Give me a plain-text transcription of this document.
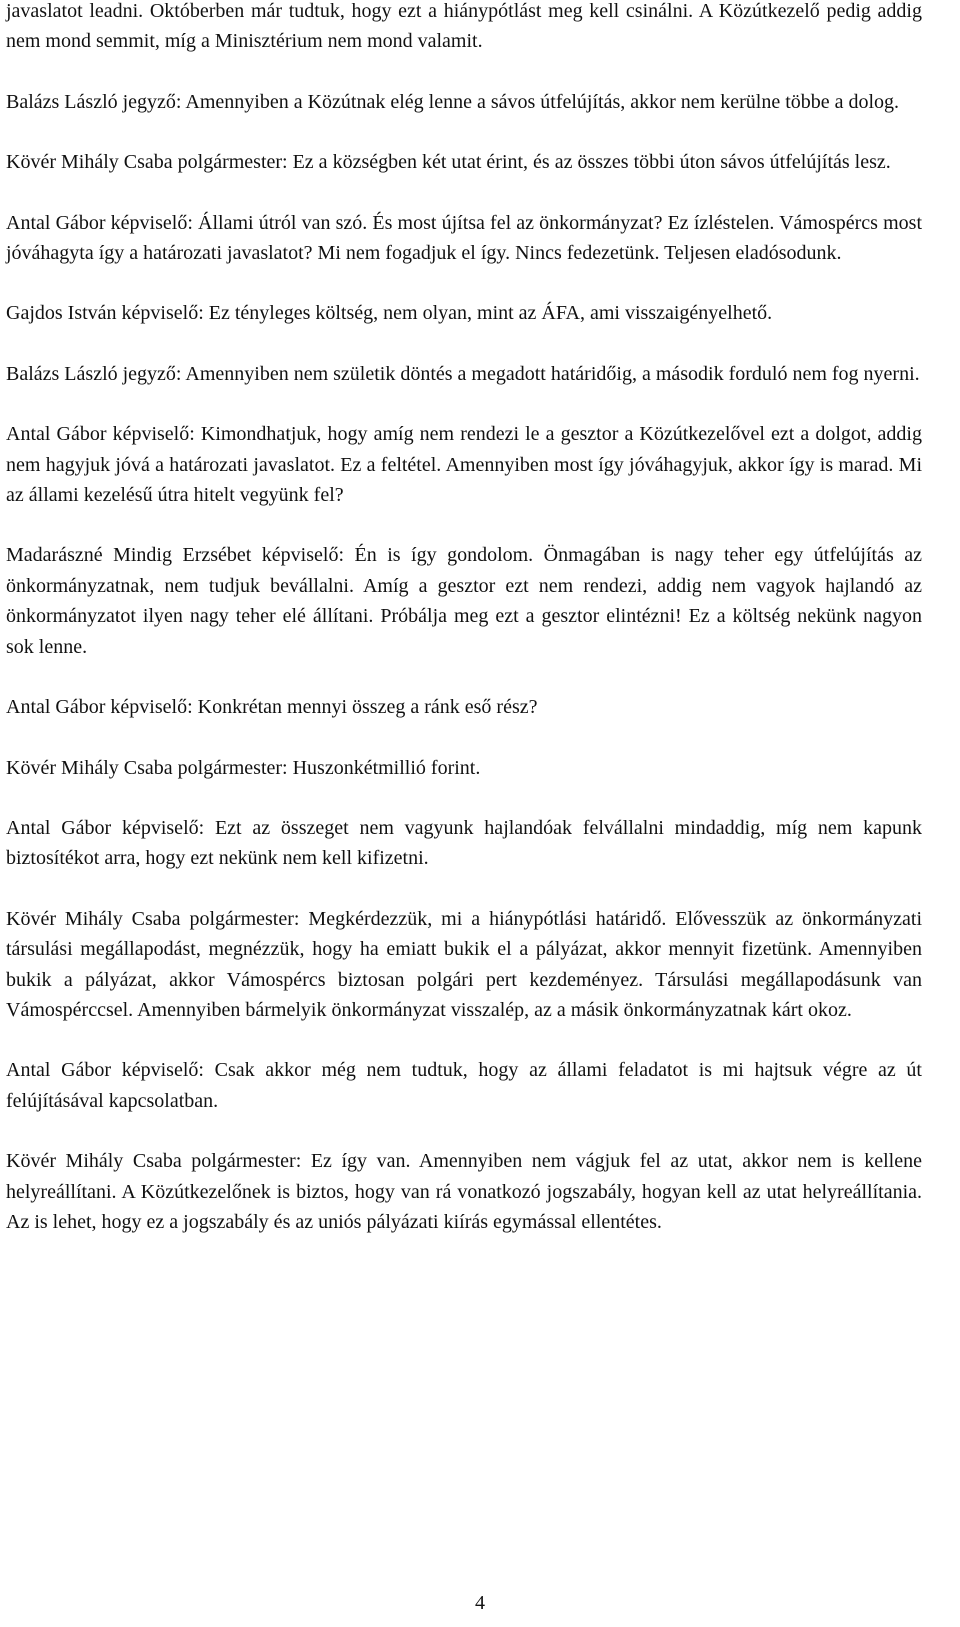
javaslatot leadni. Októberben már tudtuk, hogy ezt a hiánypótlást meg kell csinálni. A Közútkezelő pedig addig nem mond semmit, míg a Minisztérium nem mond valamit.

Balázs László jegyző: Amennyiben a Közútnak elég lenne a sávos útfelújítás, akkor nem kerülne többe a dolog.

Kövér Mihály Csaba polgármester: Ez a községben két utat érint, és az összes többi úton sávos útfelújítás lesz.

Antal Gábor képviselő: Állami útról van szó. És most újítsa fel az önkormányzat? Ez ízléstelen. Vámospércs most jóváhagyta így a határozati javaslatot? Mi nem fogadjuk el így. Nincs fedezetünk. Teljesen eladósodunk.

Gajdos István képviselő: Ez tényleges költség, nem olyan, mint az ÁFA, ami visszaigényelhető.

Balázs László jegyző: Amennyiben nem születik döntés a megadott határidőig, a második forduló nem fog nyerni.

Antal Gábor képviselő: Kimondhatjuk, hogy amíg nem rendezi le a gesztor a Közútkezelővel ezt a dolgot, addig nem hagyjuk jóvá a határozati javaslatot. Ez a feltétel. Amennyiben most így jóváhagyjuk, akkor így is marad. Mi az állami kezelésű útra hitelt vegyünk fel?

Madarászné Mindig Erzsébet képviselő: Én is így gondolom. Önmagában is nagy teher egy útfelújítás az önkormányzatnak, nem tudjuk bevállalni. Amíg a gesztor ezt nem rendezi, addig nem vagyok hajlandó az önkormányzatot ilyen nagy teher elé állítani. Próbálja meg ezt a gesztor elintézni! Ez a költség nekünk nagyon sok lenne.

Antal Gábor képviselő: Konkrétan mennyi összeg a ránk eső rész?

Kövér Mihály Csaba polgármester: Huszonkétmillió forint.

Antal Gábor képviselő: Ezt az összeget nem vagyunk hajlandóak felvállalni mindaddig, míg nem kapunk biztosítékot arra, hogy ezt nekünk nem kell kifizetni.

Kövér Mihály Csaba polgármester: Megkérdezzük, mi a hiánypótlási határidő. Elővesszük az önkormányzati társulási megállapodást, megnézzük, hogy ha emiatt bukik el a pályázat, akkor mennyit fizetünk. Amennyiben bukik a pályázat, akkor Vámospércs biztosan polgári pert kezdeményez. Társulási megállapodásunk van Vámospérccsel. Amennyiben bármelyik önkormányzat visszalép, az a másik önkormányzatnak kárt okoz.

Antal Gábor képviselő: Csak akkor még nem tudtuk, hogy az állami feladatot is mi hajtsuk végre az út felújításával kapcsolatban.

Kövér Mihály Csaba polgármester: Ez így van. Amennyiben nem vágjuk fel az utat, akkor nem is kellene helyreállítani. A Közútkezelőnek is biztos, hogy van rá vonatkozó jogszabály, hogyan kell az utat helyreállítania. Az is lehet, hogy ez a jogszabály és az uniós pályázati kiírás egymással ellentétes.

4
